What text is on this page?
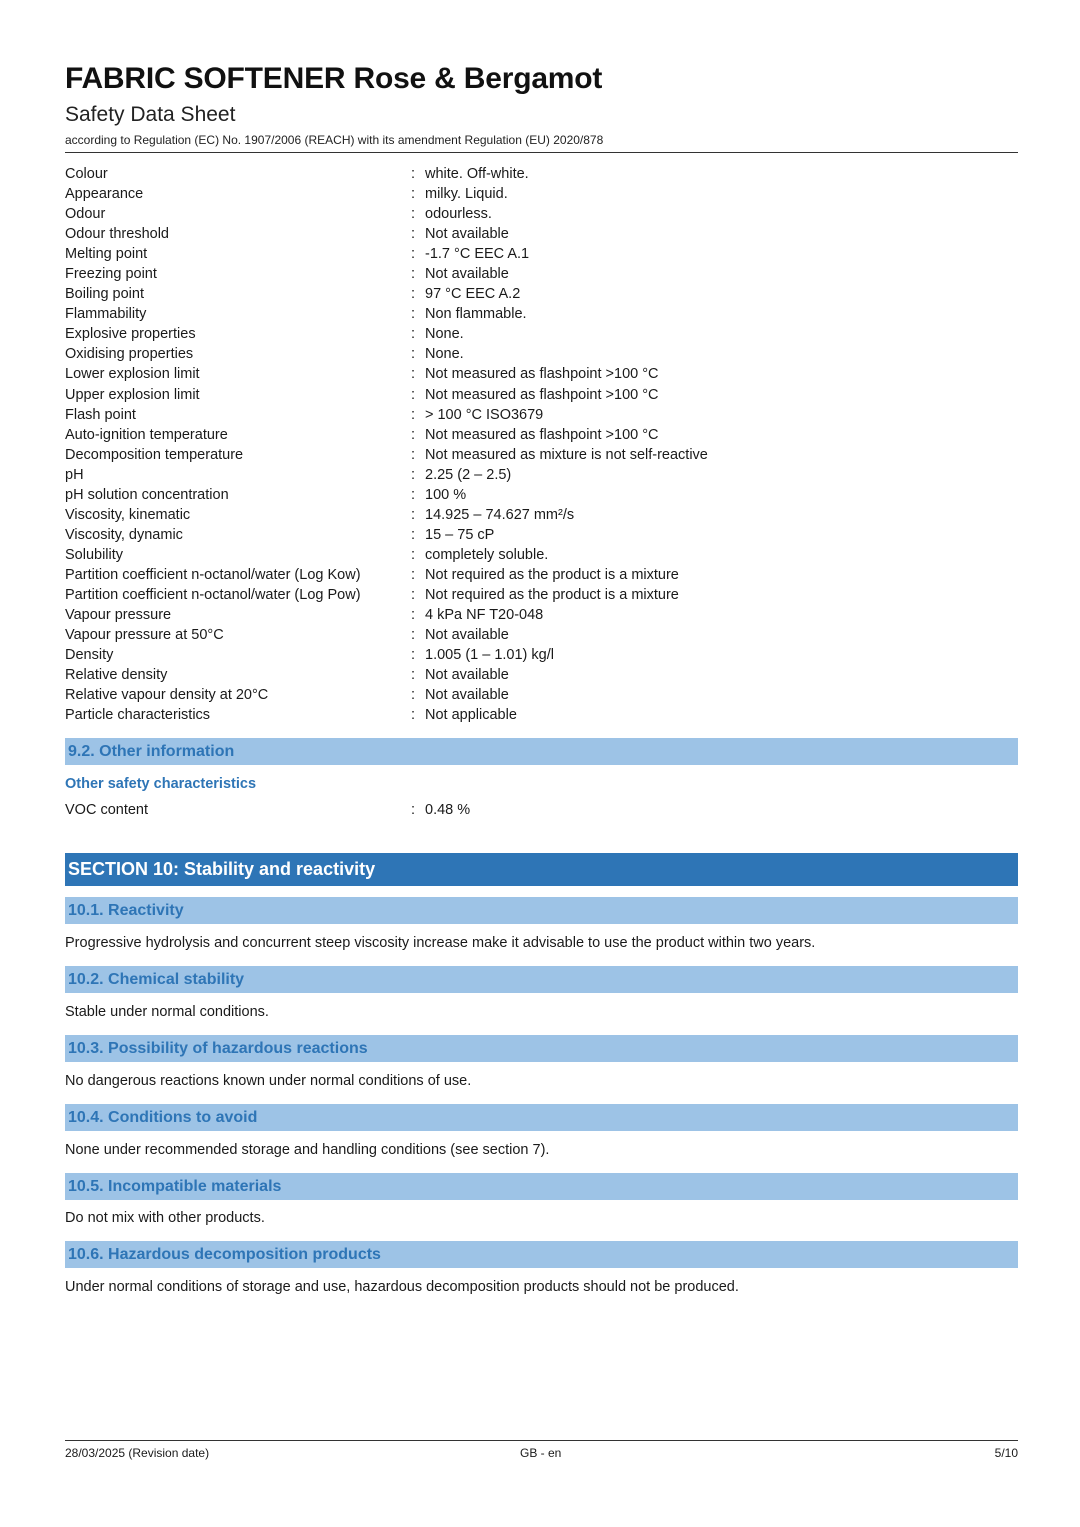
FABRIC SOFTENER Rose & Bergamot
Safety Data Sheet
according to Regulation (EC) No. 1907/2006 (REACH) with its amendment Regulation (EU) 2020/878
Colour	: white. Off-white.
Appearance	: milky. Liquid.
Odour	: odourless.
Odour threshold	: Not available
Melting point	: -1.7 °C EEC A.1
Freezing point	: Not available
Boiling point	: 97 °C EEC A.2
Flammability	: Non flammable.
Explosive properties	: None.
Oxidising properties	: None.
Lower explosion limit	: Not measured as flashpoint >100 °C
Upper explosion limit	: Not measured as flashpoint >100 °C
Flash point	: > 100 °C ISO3679
Auto-ignition temperature	: Not measured as flashpoint >100 °C
Decomposition temperature	: Not measured as mixture is not self-reactive
pH	: 2.25 (2 – 2.5)
pH solution concentration	: 100 %
Viscosity, kinematic	: 14.925 – 74.627 mm²/s
Viscosity, dynamic	: 15 – 75 cP
Solubility	: completely soluble.
Partition coefficient n-octanol/water (Log Kow)	: Not required as the product is a mixture
Partition coefficient n-octanol/water (Log Pow)	: Not required as the product is a mixture
Vapour pressure	: 4 kPa NF T20-048
Vapour pressure at 50°C	: Not available
Density	: 1.005 (1 – 1.01) kg/l
Relative density	: Not available
Relative vapour density at 20°C	: Not available
Particle characteristics	: Not applicable
9.2. Other information
Other safety characteristics
VOC content	: 0.48 %
SECTION 10: Stability and reactivity
10.1. Reactivity
Progressive hydrolysis and concurrent steep viscosity increase make it advisable to use the product within two years.
10.2. Chemical stability
Stable under normal conditions.
10.3. Possibility of hazardous reactions
No dangerous reactions known under normal conditions of use.
10.4. Conditions to avoid
None under recommended storage and handling conditions (see section 7).
10.5. Incompatible materials
Do not mix with other products.
10.6. Hazardous decomposition products
Under normal conditions of storage and use, hazardous decomposition products should not be produced.
28/03/2025 (Revision date)	GB - en	5/10
